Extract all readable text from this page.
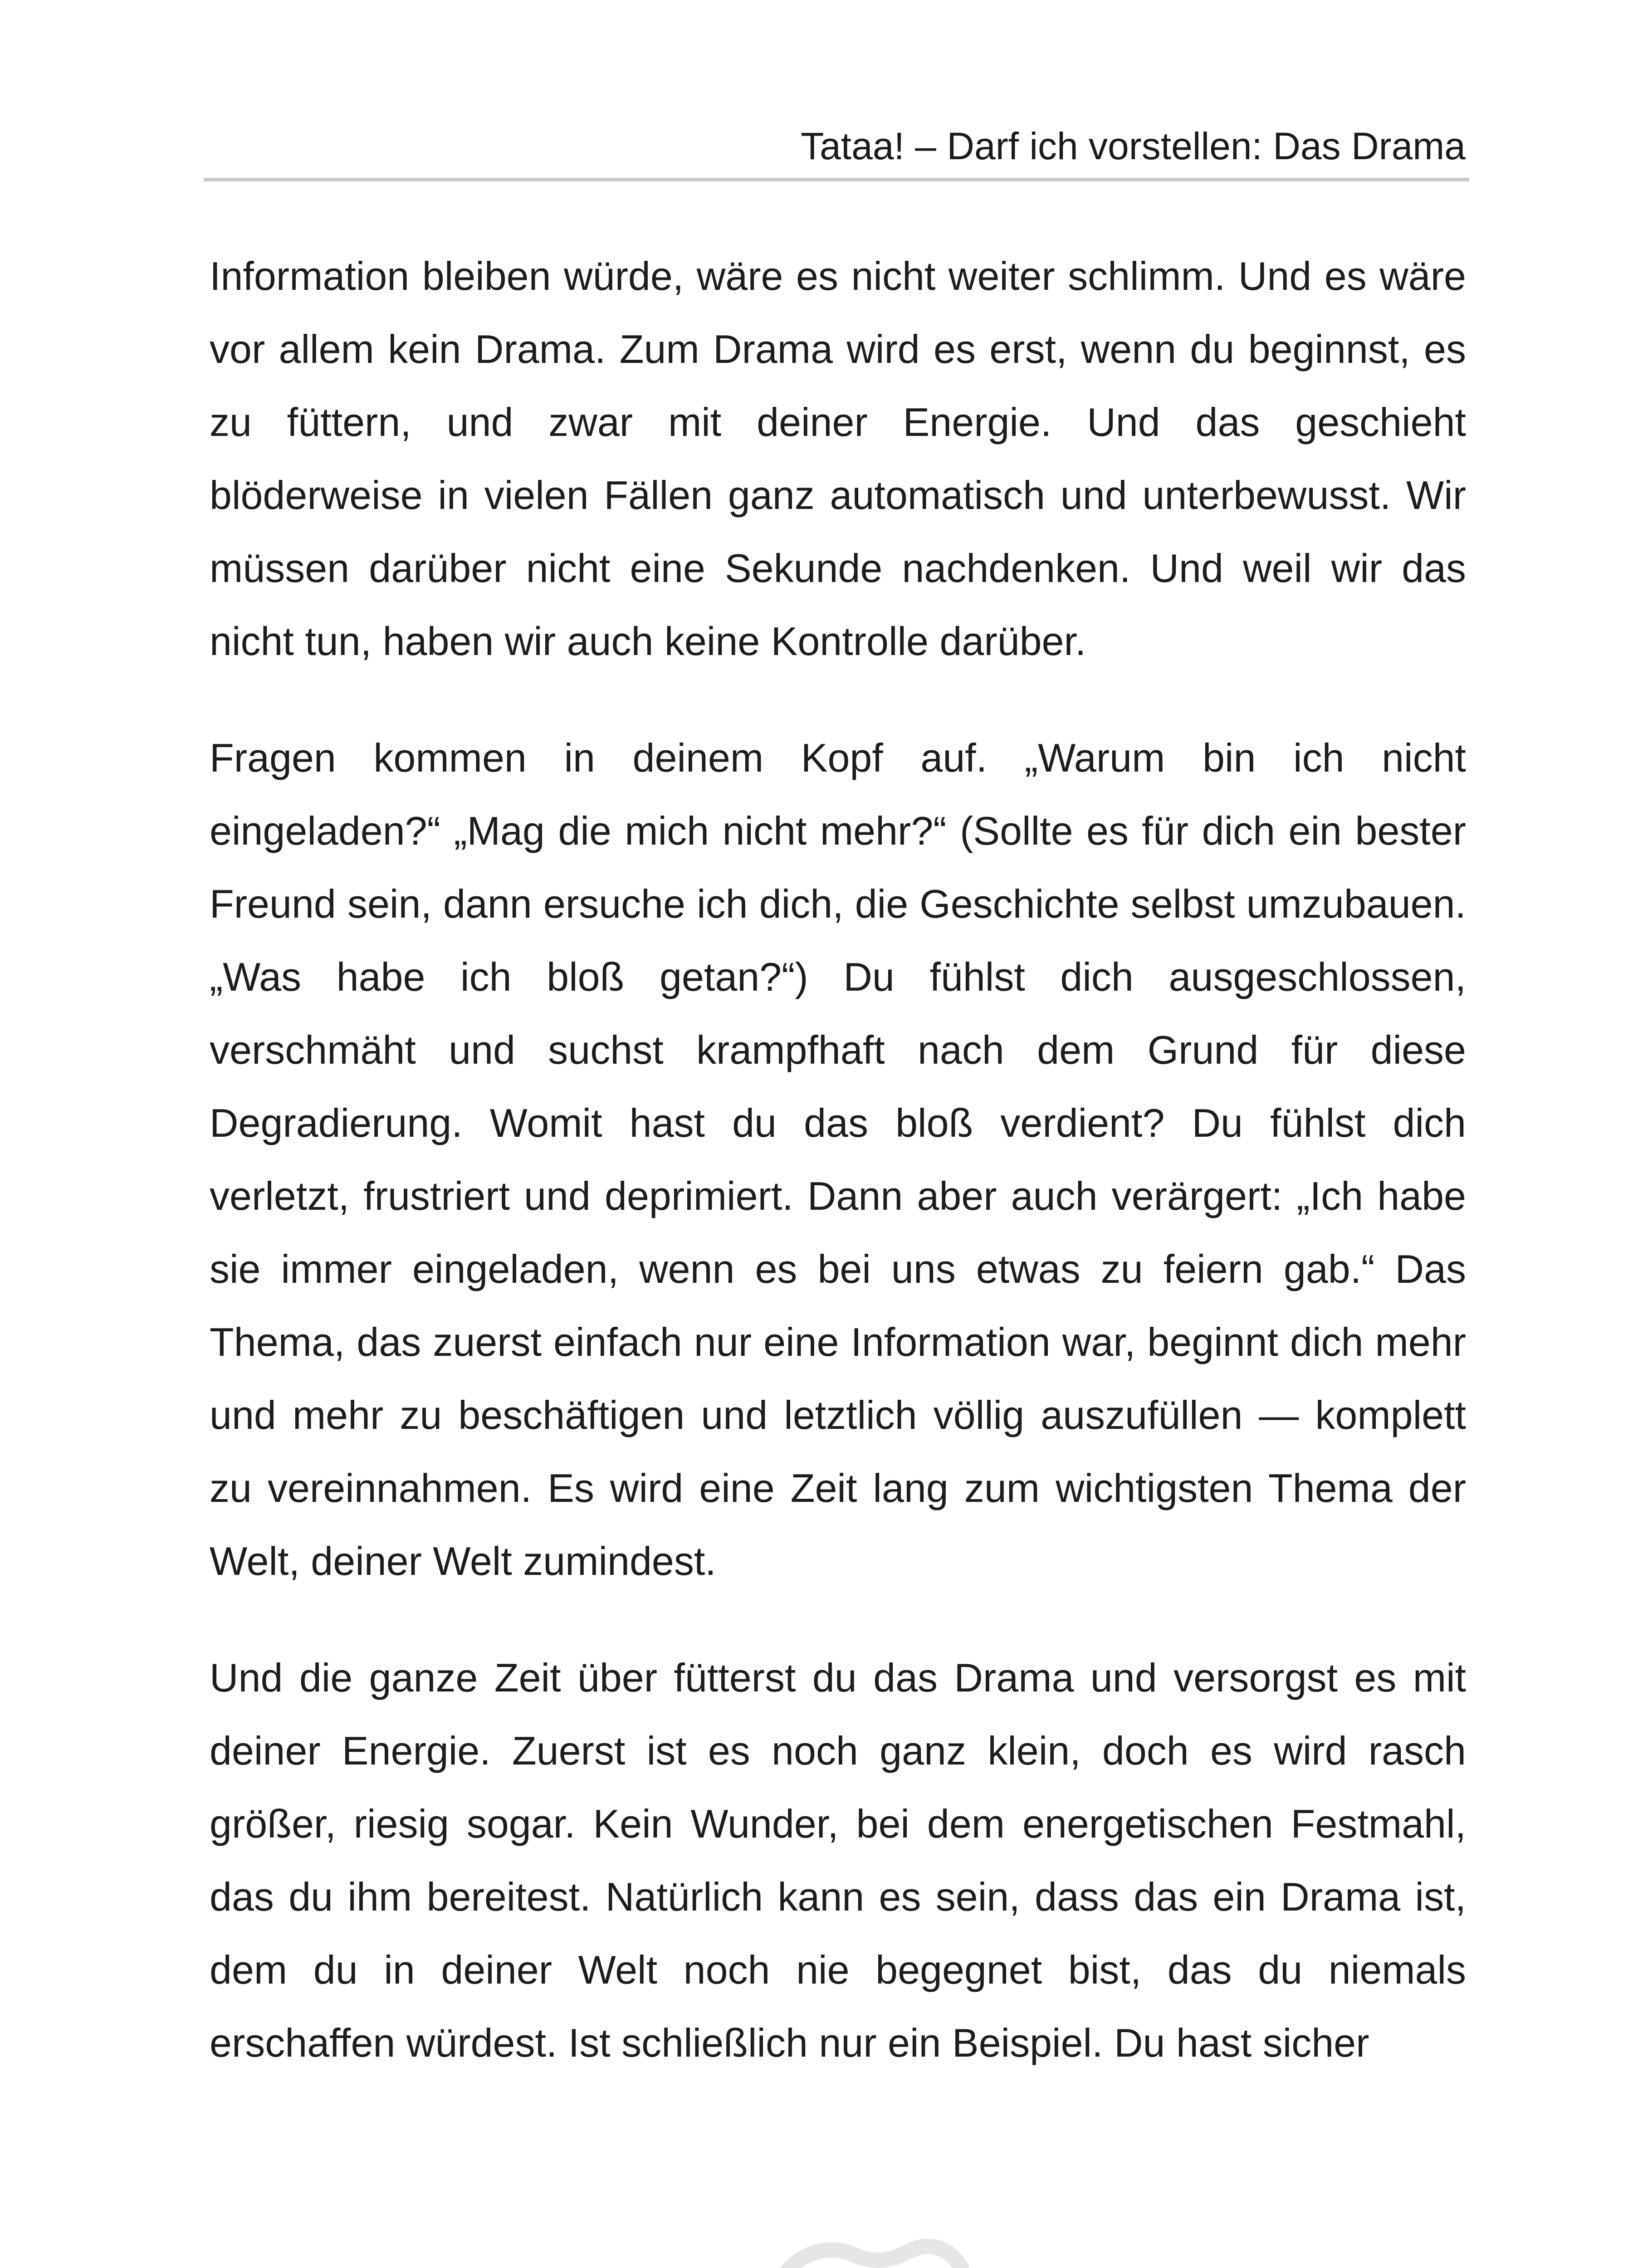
Tataa! – Darf ich vorstellen: Das Drama

Information bleiben würde, wäre es nicht weiter schlimm. Und es wäre vor allem kein Drama. Zum Drama wird es erst, wenn du beginnst, es zu füttern, und zwar mit deiner Energie. Und das geschieht blöderweise in vielen Fällen ganz automatisch und unterbewusst. Wir müssen darüber nicht eine Sekunde nachdenken. Und weil wir das nicht tun, haben wir auch keine Kontrolle darüber.

Fragen kommen in deinem Kopf auf. „Warum bin ich nicht eingeladen?“ „Mag die mich nicht mehr?“ (Sollte es für dich ein bester Freund sein, dann ersuche ich dich, die Geschichte selbst umzubauen. „Was habe ich bloß getan?“) Du fühlst dich ausgeschlossen, verschmäht und suchst krampfhaft nach dem Grund für diese Degradierung. Womit hast du das bloß verdient? Du fühlst dich verletzt, frustriert und deprimiert. Dann aber auch verärgert: „Ich habe sie immer eingeladen, wenn es bei uns etwas zu feiern gab.“ Das Thema, das zuerst einfach nur eine Information war, beginnt dich mehr und mehr zu beschäftigen und letztlich völlig auszufüllen — komplett zu vereinnahmen. Es wird eine Zeit lang zum wichtigsten Thema der Welt, deiner Welt zumindest.

Und die ganze Zeit über fütterst du das Drama und versorgst es mit deiner Energie. Zuerst ist es noch ganz klein, doch es wird rasch größer, riesig sogar. Kein Wunder, bei dem energetischen Festmahl, das du ihm bereitest. Natürlich kann es sein, dass das ein Drama ist, dem du in deiner Welt noch nie begegnet bist, das du niemals erschaffen würdest. Ist schließlich nur ein Beispiel. Du hast sicher
